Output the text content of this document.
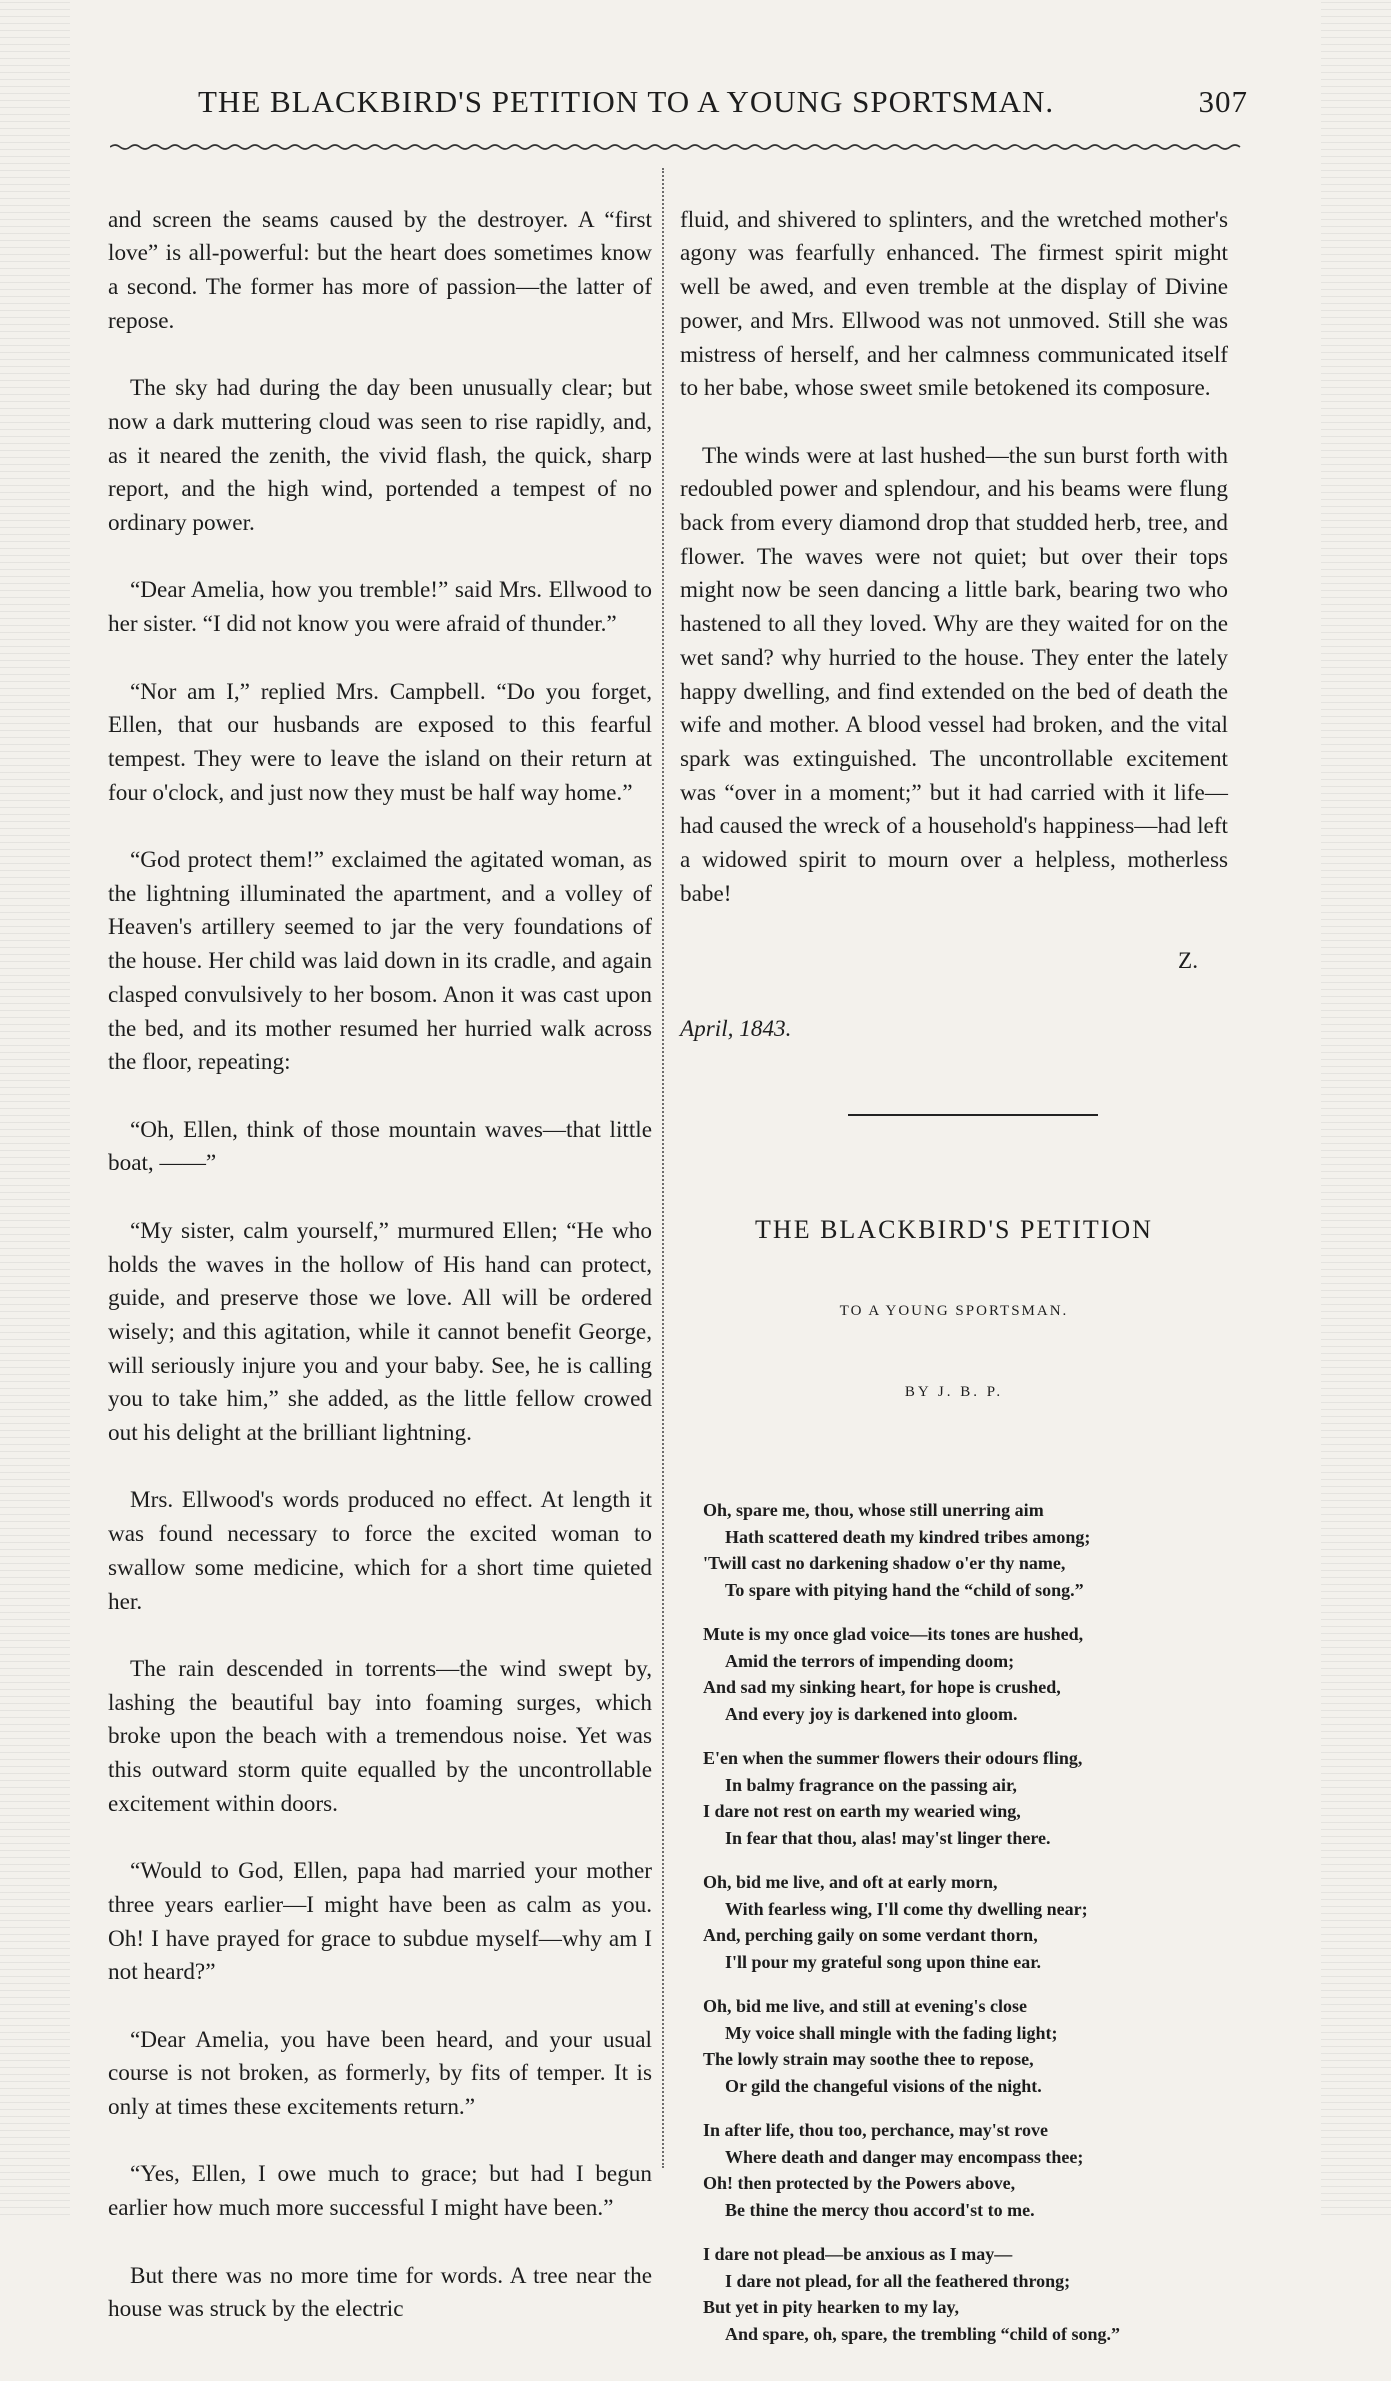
THE BLACKBIRD'S PETITION TO A YOUNG SPORTSMAN.	307

and screen the seams caused by the destroyer. A “first love” is all-powerful: but the heart does sometimes know a second. The former has more of passion—the latter of repose.

The sky had during the day been unusually clear; but now a dark muttering cloud was seen to rise rapidly, and, as it neared the zenith, the vivid flash, the quick, sharp report, and the high wind, portended a tempest of no ordinary power.

“Dear Amelia, how you tremble!” said Mrs. Ellwood to her sister. “I did not know you were afraid of thunder.”

“Nor am I,” replied Mrs. Campbell. “Do you forget, Ellen, that our husbands are exposed to this fearful tempest. They were to leave the island on their return at four o'clock, and just now they must be half way home.”

“God protect them!” exclaimed the agitated woman, as the lightning illuminated the apartment, and a volley of Heaven's artillery seemed to jar the very foundations of the house. Her child was laid down in its cradle, and again clasped convulsively to her bosom. Anon it was cast upon the bed, and its mother resumed her hurried walk across the floor, repeating:

“Oh, Ellen, think of those mountain waves—that little boat, ——”

“My sister, calm yourself,” murmured Ellen; “He who holds the waves in the hollow of His hand can protect, guide, and preserve those we love. All will be ordered wisely; and this agitation, while it cannot benefit George, will seriously injure you and your baby. See, he is calling you to take him,” she added, as the little fellow crowed out his delight at the brilliant lightning.

Mrs. Ellwood's words produced no effect. At length it was found necessary to force the excited woman to swallow some medicine, which for a short time quieted her.

The rain descended in torrents—the wind swept by, lashing the beautiful bay into foaming surges, which broke upon the beach with a tremendous noise. Yet was this outward storm quite equalled by the uncontrollable excitement within doors.

“Would to God, Ellen, papa had married your mother three years earlier—I might have been as calm as you. Oh! I have prayed for grace to subdue myself—why am I not heard?”

“Dear Amelia, you have been heard, and your usual course is not broken, as formerly, by fits of temper. It is only at times these excitements return.”

“Yes, Ellen, I owe much to grace; but had I begun earlier how much more successful I might have been.”

But there was no more time for words. A tree near the house was struck by the electric

fluid, and shivered to splinters, and the wretched mother's agony was fearfully enhanced. The firmest spirit might well be awed, and even tremble at the display of Divine power, and Mrs. Ellwood was not unmoved. Still she was mistress of herself, and her calmness communicated itself to her babe, whose sweet smile betokened its composure.

The winds were at last hushed—the sun burst forth with redoubled power and splendour, and his beams were flung back from every diamond drop that studded herb, tree, and flower. The waves were not quiet; but over their tops might now be seen dancing a little bark, bearing two who hastened to all they loved. Why are they waited for on the wet sand? why hurried to the house. They enter the lately happy dwelling, and find extended on the bed of death the wife and mother. A blood vessel had broken, and the vital spark was extinguished. The uncontrollable excitement was “over in a moment;” but it had carried with it life—had caused the wreck of a household's happiness—had left a widowed spirit to mourn over a helpless, motherless babe!

Z.

April, 1843.

THE BLACKBIRD'S PETITION

TO A YOUNG SPORTSMAN.

BY J. B. P.

Oh, spare me, thou, whose still unerring aim
Hath scattered death my kindred tribes among;
'Twill cast no darkening shadow o'er thy name,
To spare with pitying hand the “child of song.”
Mute is my once glad voice—its tones are hushed,
Amid the terrors of impending doom;
And sad my sinking heart, for hope is crushed,
And every joy is darkened into gloom.
E'en when the summer flowers their odours fling,
In balmy fragrance on the passing air,
I dare not rest on earth my wearied wing,
In fear that thou, alas! may'st linger there.
Oh, bid me live, and oft at early morn,
With fearless wing, I'll come thy dwelling near;
And, perching gaily on some verdant thorn,
I'll pour my grateful song upon thine ear.
Oh, bid me live, and still at evening's close
My voice shall mingle with the fading light;
The lowly strain may soothe thee to repose,
Or gild the changeful visions of the night.
In after life, thou too, perchance, may'st rove
Where death and danger may encompass thee;
Oh! then protected by the Powers above,
Be thine the mercy thou accord'st to me.
I dare not plead—be anxious as I may—
I dare not plead, for all the feathered throng;
But yet in pity hearken to my lay,
And spare, oh, spare, the trembling “child of song.”
